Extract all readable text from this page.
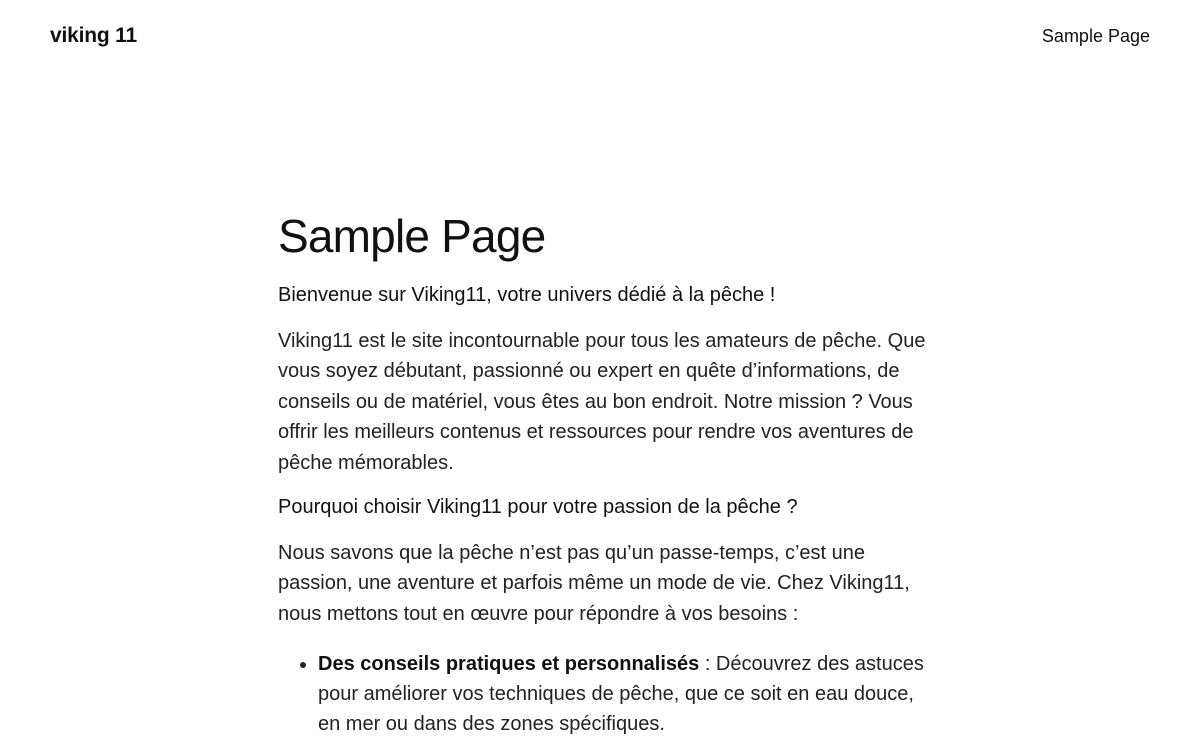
viking 11	Sample Page
Sample Page

Bienvenue sur Viking11, votre univers dédié à la pêche !

Viking11 est le site incontournable pour tous les amateurs de pêche. Que vous soyez débutant, passionné ou expert en quête d’informations, de conseils ou de matériel, vous êtes au bon endroit. Notre mission ? Vous offrir les meilleurs contenus et ressources pour rendre vos aventures de pêche mémorables.

Pourquoi choisir Viking11 pour votre passion de la pêche ?

Nous savons que la pêche n’est pas qu’un passe-temps, c’est une passion, une aventure et parfois même un mode de vie. Chez Viking11, nous mettons tout en œuvre pour répondre à vos besoins :

• Des conseils pratiques et personnalisés : Découvrez des astuces pour améliorer vos techniques de pêche, que ce soit en eau douce, en mer ou dans des zones spécifiques.
